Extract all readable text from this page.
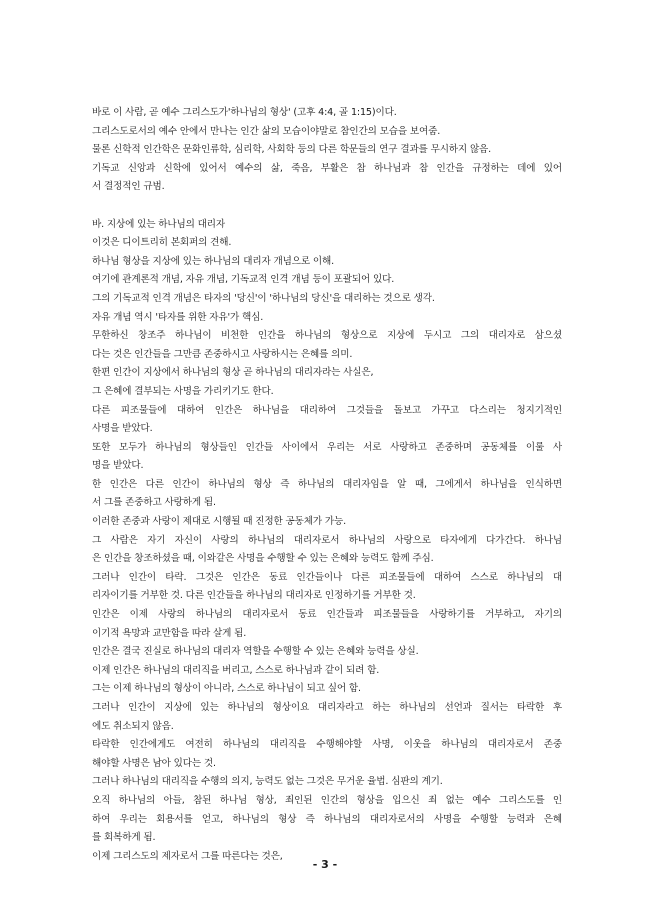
바로 이 사람, 곧 예수 그리스도가'하나님의 형상' (고후 4:4, 골 1:15)이다.
그리스도로서의 예수 안에서 만나는 인간 삶의 모습이야말로 참인간의 모습을 보여줌.
물론 신학적 인간학은 문화인류학, 심리학, 사회학 등의 다른 학문들의 연구 결과를 무시하지 않음.
기독교 신앙과 신학에 있어서 예수의 삶, 죽음, 부활은 참 하나님과 참 인간을 규정하는 데에 있어
서 결정적인 규범.
바. 지상에 있는 하나님의 대리자
이것은 디이트리히 본회퍼의 견해.
하나님 형상을 지상에 있는 하나님의 대리자 개념으로 이해.
여기에 관계론적 개념, 자유 개념, 기독교적 인격 개념 등이 포괄되어 있다.
그의 기독교적 인격 개념은 타자의 '당신'이 '하나님의 당신'을 대리하는 것으로 생각.
자유 개념 역시 '타자를 위한 자유'가 핵심.
무한하신 창조주 하나님이 비천한 인간을 하나님의 형상으로 지상에 두시고 그의 대리자로 삼으셨
다는 것은 인간들을 그만큼 존중하시고 사랑하시는 은혜를 의미.
한편 인간이 지상에서 하나님의 형상 곧 하나님의 대리자라는 사실은,
그 은혜에 결부되는 사명을 가리키기도 한다.
다른 피조물들에 대하여 인간은 하나님을 대리하여 그것들을 돌보고 가꾸고 다스리는 청지기적인
사명을 받았다.
또한 모두가 하나님의 형상들인 인간들 사이에서 우리는 서로 사랑하고 존중하며 공동체를 이룰 사
명을 받았다.
한 인간은 다른 인간이 하나님의 형상 즉 하나님의 대리자임을 알 때, 그에게서 하나님을 인식하면
서 그를 존중하고 사랑하게 됨.
이러한 존중과 사랑이 제대로 시행될 때 진정한 공동체가 가능.
그 사람은 자기 자신이 사랑의 하나님의 대리자로서 하나님의 사랑으로 타자에게 다가간다. 하나님
은 인간을 창조하셨을 때, 이와같은 사명을 수행할 수 있는 은혜와 능력도 함께 주심.
그러나 인간이 타락. 그것은 인간은 동료 인간들이나 다른 피조물들에 대하여 스스로 하나님의 대
리자이기를 거부한 것. 다른 인간들을 하나님의 대리자로 인정하기를 거부한 것.
인간은 이제 사랑의 하나님의 대리자로서 동료 인간들과 피조물들을 사랑하기를 거부하고, 자기의
이기적 욕망과 교만함을 따라 살게 됨.
인간은 결국 진실로 하나님의 대리자 역할을 수행할 수 있는 은혜와 능력을 상실.
이제 인간은 하나님의 대리직을 버리고, 스스로 하나님과 같이 되려 함.
그는 이제 하나님의 형상이 아니라, 스스로 하나님이 되고 싶어 함.
그러나 인간이 지상에 있는 하나님의 형상이요 대리자라고 하는 하나님의 선언과 질서는 타락한 후
에도 취소되지 않음.
타락한 인간에게도 여전히 하나님의 대리직을 수행해야할 사명, 이웃을 하나님의 대리자로서 존중
해야할 사명은 남아 있다는 것.
그러나 하나님의 대리직을 수행의 의지, 능력도 없는 그것은 무거운 율법. 심판의 계기.
오직 하나님의 아들, 참된 하나님 형상, 죄인된 인간의 형상을 입으신 죄 없는 예수 그리스도를 인
하여 우리는 회용서를 얻고, 하나님의 형상 즉 하나님의 대리자로서의 사명을 수행할 능력과 은혜
를 회복하게 됨.
이제 그리스도의 제자로서 그를 따른다는 것은,
- 3 -
